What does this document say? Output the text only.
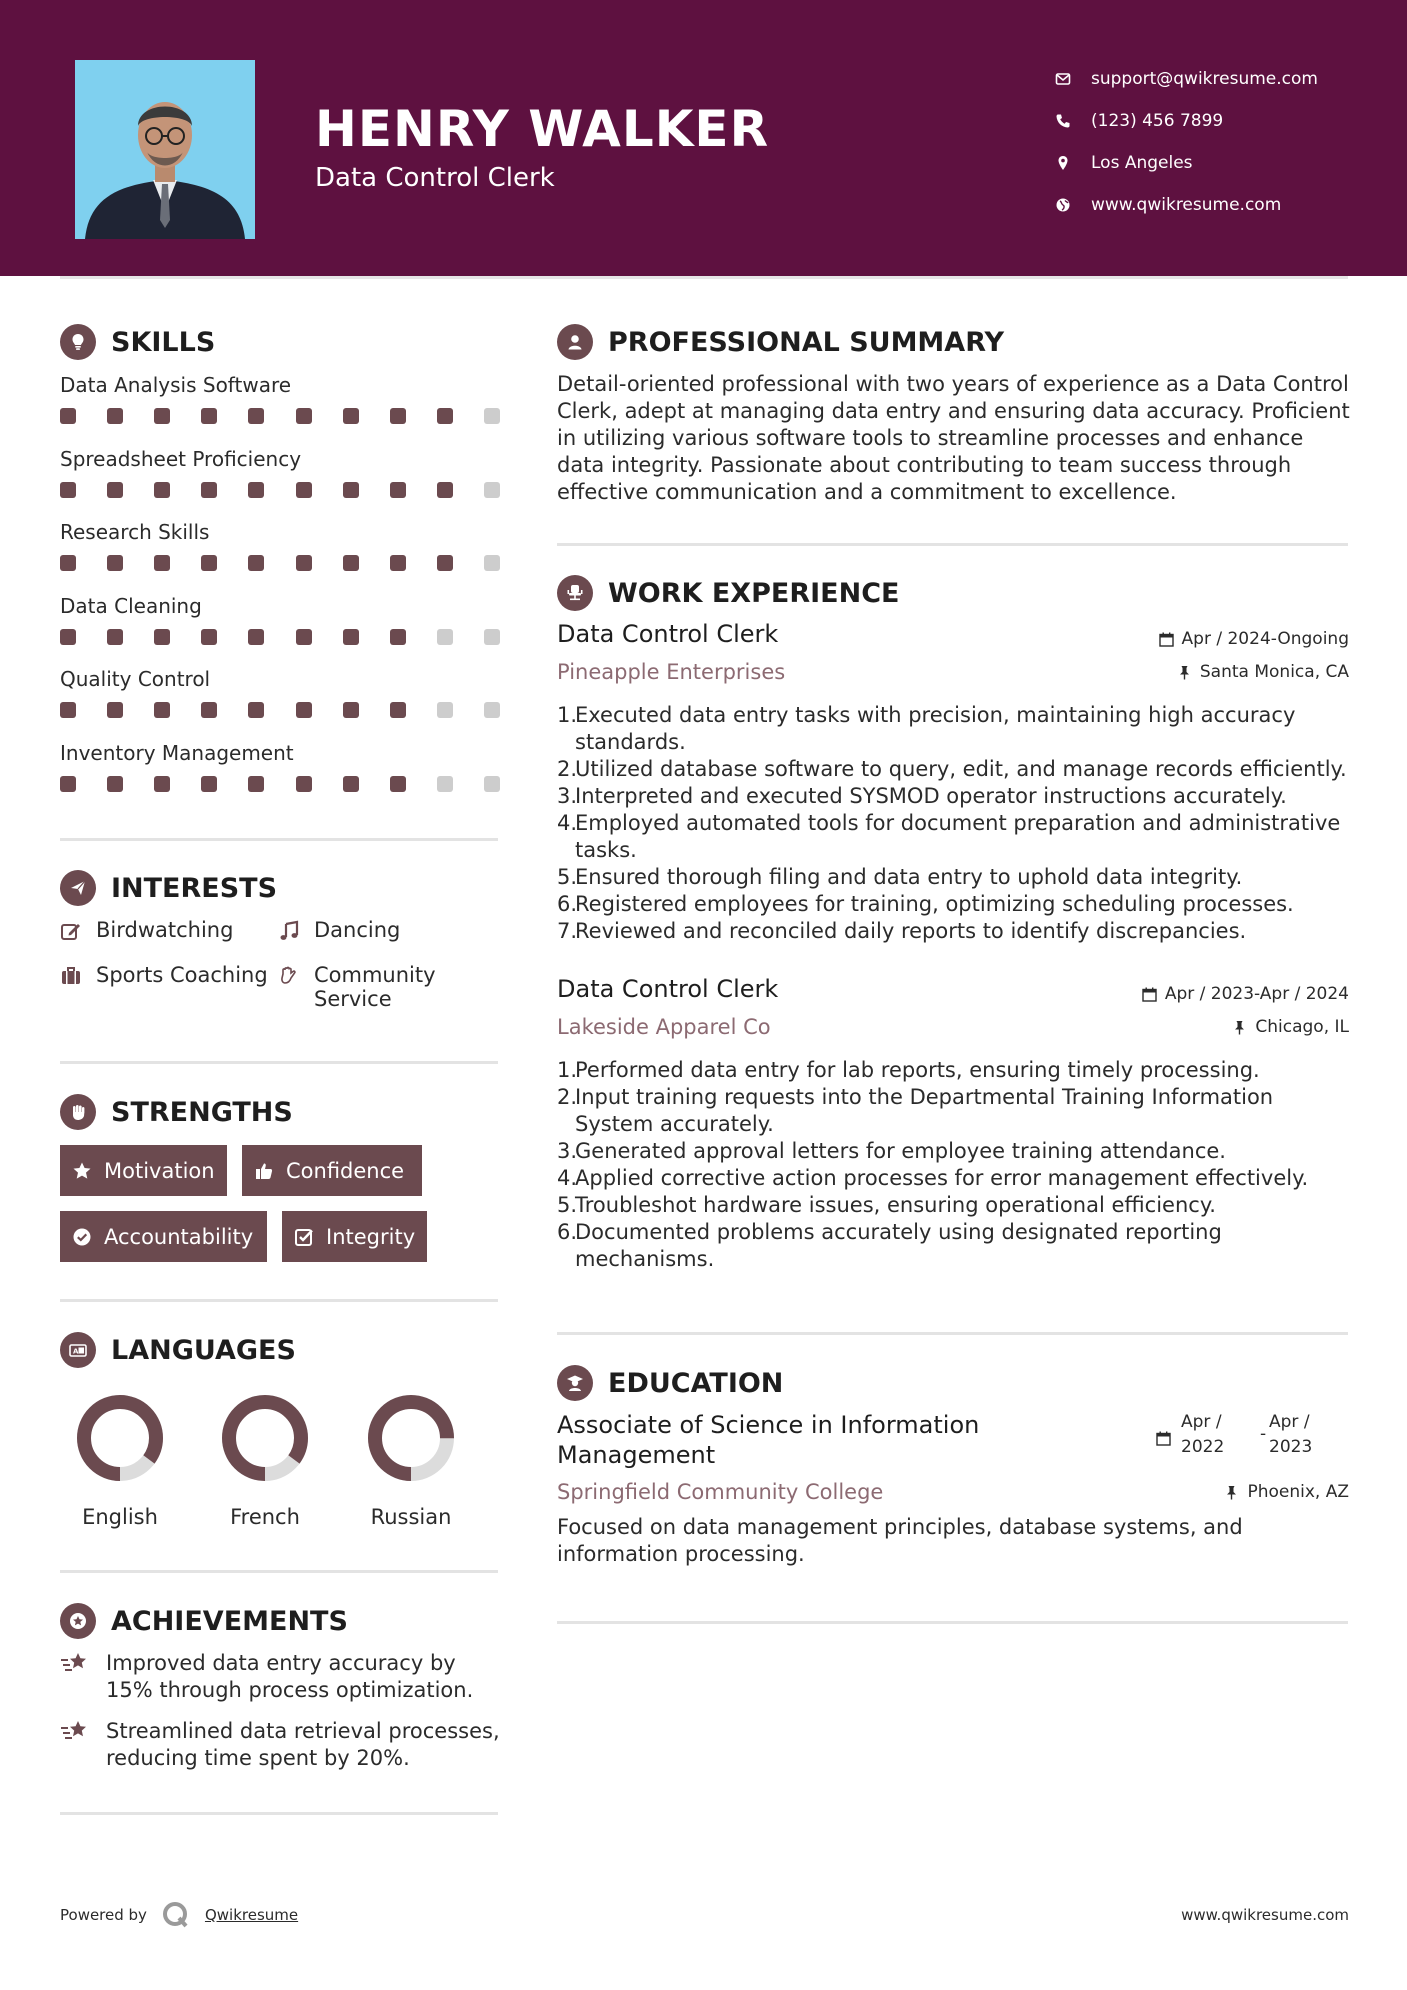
HENRY WALKER
Data Control Clerk
support@qwikresume.com
(123) 456 7899
Los Angeles
www.qwikresume.com
SKILLS
Data Analysis Software
Spreadsheet Proficiency
Research Skills
Data Cleaning
Quality Control
Inventory Management
INTERESTS
Birdwatching	Dancing
Sports Coaching Community Service
STRENGTHS
Motivation	Confidence
Accountability	Integrity
A LANGUAGES
English	French	Russian
ACHIEVEMENTS
Improved data entry accuracy by 15% through process optimization.
Streamlined data retrieval processes, reducing time spent by 20%.
PROFESSIONAL SUMMARY
Detail-oriented professional with two years of experience as a Data Control Clerk, adept at managing data entry and ensuring data accuracy. Proficient in utilizing various software tools to streamline processes and enhance data integrity. Passionate about contributing to team success through effective communication and a commitment to excellence.
WORK EXPERIENCE
Data Control Clerk
Pineapple Enterprises
Apr / 2024-Ongoing
Santa Monica, CA
1.
Executed data entry tasks with precision, maintaining high accuracy standards.
2.
Utilized database software to query, edit, and manage records efficiently.
3.
Interpreted and executed SYSMOD operator instructions accurately.
4.
Employed automated tools for document preparation and administrative tasks.
5.
Ensured thorough filing and data entry to uphold data integrity.
6.
Registered employees for training, optimizing scheduling processes.
7.
Reviewed and reconciled daily reports to identify discrepancies.
Data Control Clerk
Lakeside Apparel Co
Apr / 2023-Apr / 2024
Chicago, IL
1.
Performed data entry for lab reports, ensuring timely processing.
2.
Input training requests into the Departmental Training Information System accurately.
3.
Generated approval letters for employee training attendance.
4.
Applied corrective action processes for error management effectively.
5.
Troubleshot hardware issues, ensuring operational efficiency.
6.
Documented problems accurately using designated reporting mechanisms.
EDUCATION
Associate of Science in Information Management
Apr /
2022
-
Apr /
2023
Springfield Community College	Phoenix, AZ
Focused on data management principles, database systems, and information processing.
Powered by	Qwikresume	www.qwikresume.com
